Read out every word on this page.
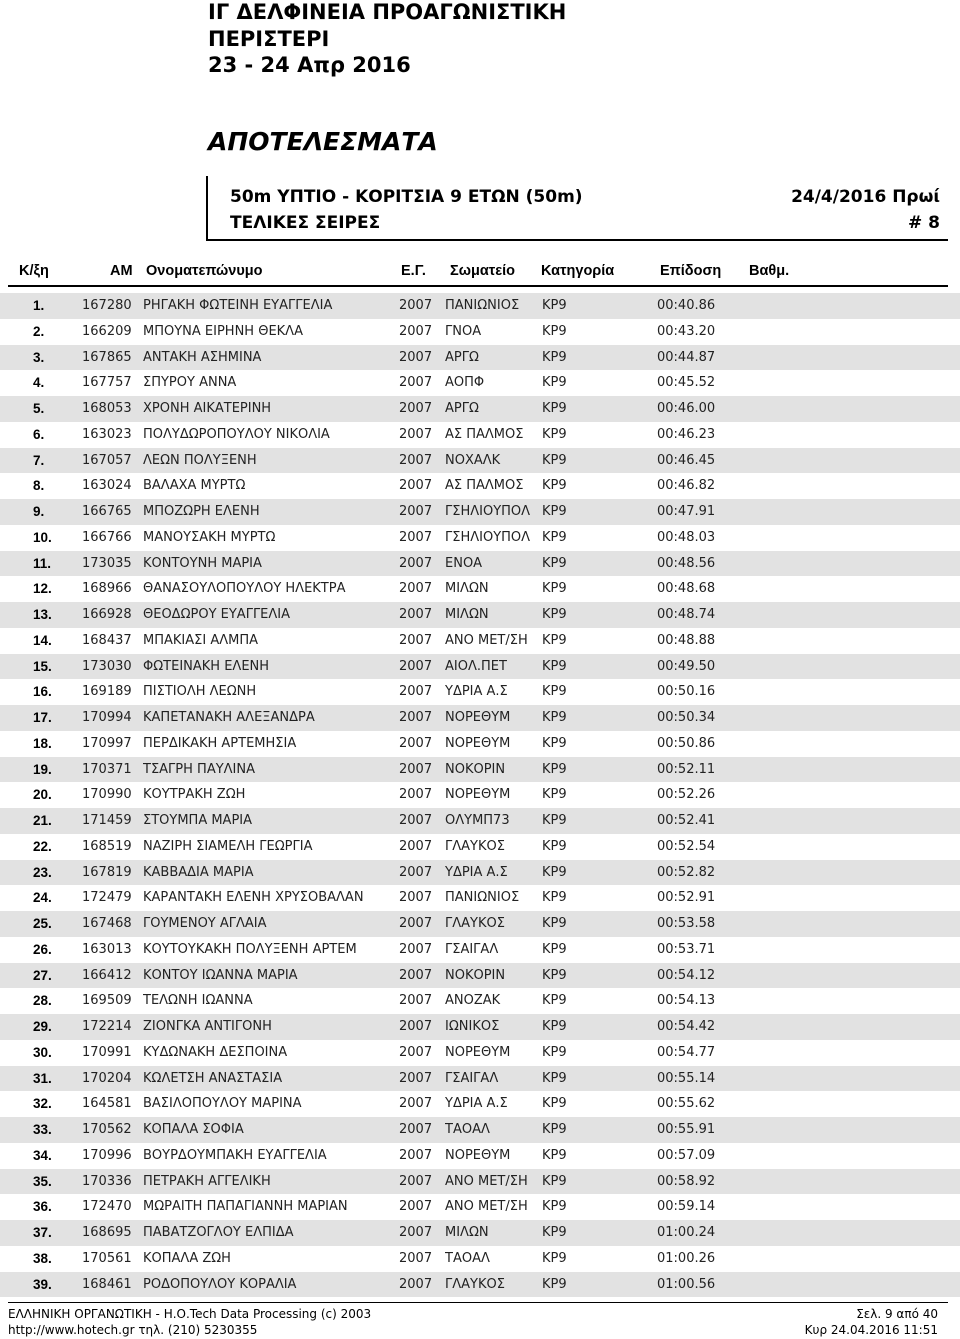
ΙΓ ΔΕΛΦΙΝΕΙΑ ΠΡΟΑΓΩΝΙΣΤΙΚΗ
ΠΕΡΙΣΤΕΡΙ
23 - 24 Απρ 2016
ΑΠΟΤΕΛΕΣΜΑΤΑ
50m ΥΠΤΙΟ - ΚΟΡΙΤΣΙΑ 9 ΕΤΩΝ (50m)	24/4/2016 Πρωί
ΤΕΛΙΚΕΣ ΣΕΙΡΕΣ	# 8
Κ/ξη	ΑΜ Ονοματεπώνυμο	Ε.Γ. Σωματείο Κατηγορία	Επίδοση Βαθμ.
1.	167280 ΡΗΓΑΚΗ ΦΩΤΕΙΝΗ ΕΥΑΓΓΕΛΙΑ	2007 ΠΑΝΙΩΝΙΟΣ	ΚΡ9	00:40.86
2.	166209 ΜΠΟΥΝΑ ΕΙΡΗΝΗ ΘΕΚΛΑ	2007 ΓΝΟΑ	ΚΡ9	00:43.20
3.	167865 ΑΝΤΑΚΗ ΑΣΗΜΙΝΑ	2007 ΑΡΓΩ	ΚΡ9	00:44.87
4.	167757 ΣΠΥΡΟΥ ΑΝΝΑ	2007 ΑΟΠΦ	ΚΡ9	00:45.52
5.	168053 ΧΡΟΝΗ ΑΙΚΑΤΕΡΙΝΗ	2007 ΑΡΓΩ	ΚΡ9	00:46.00
6.	163023 ΠΟΛΥΔΩΡΟΠΟΥΛΟΥ ΝΙΚΟΛΙΑ	2007 ΑΣ ΠΑΛΜΟΣ	ΚΡ9	00:46.23
7.	167057 ΛΕΩΝ ΠΟΛΥΞΕΝΗ	2007 ΝΟΧΑΛΚ	ΚΡ9	00:46.45
8.	163024 ΒΑΛΑΧΑ ΜΥΡΤΩ	2007 ΑΣ ΠΑΛΜΟΣ	ΚΡ9	00:46.82
9.	166765 ΜΠΟΖΩΡΗ ΕΛΕΝΗ	2007 ΓΣΗΛΙΟΥΠΟΛ ΚΡ9	00:47.91
10.	166766 ΜΑΝΟΥΣΑΚΗ ΜΥΡΤΩ	2007 ΓΣΗΛΙΟΥΠΟΛ ΚΡ9	00:48.03
11.	173035 ΚΟΝΤΟΥΝΗ ΜΑΡΙΑ	2007 ΕΝΟΑ	ΚΡ9	00:48.56
12.	168966 ΘΑΝΑΣΟΥΛΟΠΟΥΛΟΥ ΗΛΕΚΤΡΑ	2007 ΜΙΛΩΝ	ΚΡ9	00:48.68
13.	166928 ΘΕΟΔΩΡΟΥ ΕΥΑΓΓΕΛΙΑ	2007 ΜΙΛΩΝ	ΚΡ9	00:48.74
14.	168437 ΜΠΑΚΙΑΣΙ ΑΛΜΠΑ	2007 ΑΝΟ ΜΕΤ/ΣΗ	ΚΡ9	00:48.88
15.	173030 ΦΩΤΕΙΝΑΚΗ ΕΛΕΝΗ	2007 ΑΙΟΛ.ΠΕΤ	ΚΡ9	00:49.50
16.	169189 ΠΙΣΤΙΟΛΗ ΛΕΩΝΗ	2007 ΥΔΡΙΑ Α.Σ	ΚΡ9	00:50.16
17.	170994 ΚΑΠΕΤΑΝΑΚΗ ΑΛΕΞΑΝΔΡΑ	2007 ΝΟΡΕΘΥΜ	ΚΡ9	00:50.34
18.	170997 ΠΕΡΔΙΚΑΚΗ ΑΡΤΕΜΗΣΙΑ	2007 ΝΟΡΕΘΥΜ	ΚΡ9	00:50.86
19.	170371 ΤΣΑΓΡΗ ΠΑΥΛΙΝΑ	2007 ΝΟΚΟΡΙΝ	ΚΡ9	00:52.11
20.	170990 ΚΟΥΤΡΑΚΗ ΖΩΗ	2007 ΝΟΡΕΘΥΜ	ΚΡ9	00:52.26
21.	171459 ΣΤΟΥΜΠΑ ΜΑΡΙΑ	2007 ΟΛΥΜΠ73	ΚΡ9	00:52.41
22.	168519 ΝΑΖΙΡΗ ΣΙΑΜΕΛΗ ΓΕΩΡΓΙΑ	2007 ΓΛΑΥΚΟΣ	ΚΡ9	00:52.54
23.	167819 ΚΑΒΒΑΔΙΑ ΜΑΡΙΑ	2007 ΥΔΡΙΑ Α.Σ	ΚΡ9	00:52.82
24.	172479 ΚΑΡΑΝΤΑΚΗ ΕΛΕΝΗ ΧΡΥΣΟΒΑΛΑΝ	2007 ΠΑΝΙΩΝΙΟΣ	ΚΡ9	00:52.91
25.	167468 ΓΟΥΜΕΝΟΥ ΑΓΛΑΙΑ	2007 ΓΛΑΥΚΟΣ	ΚΡ9	00:53.58
26.	163013 ΚΟΥΤΟΥΚΑΚΗ ΠΟΛΥΞΕΝΗ ΑΡΤΕΜ	2007 ΓΣΑΙΓΑΛ	ΚΡ9	00:53.71
27.	166412 ΚΟΝΤΟΥ ΙΩΑΝΝΑ ΜΑΡΙΑ	2007 ΝΟΚΟΡΙΝ	ΚΡ9	00:54.12
28.	169509 ΤΕΛΩΝΗ ΙΩΑΝΝΑ	2007 ΑΝΟΖΑΚ	ΚΡ9	00:54.13
29.	172214 ΖΙΟΝΓΚΑ ΑΝΤΙΓΟΝΗ	2007 ΙΩΝΙΚΟΣ	ΚΡ9	00:54.42
30.	170991 ΚΥΔΩΝΑΚΗ ΔΕΣΠΟΙΝΑ	2007 ΝΟΡΕΘΥΜ	ΚΡ9	00:54.77
31.	170204 ΚΩΛΕΤΣΗ ΑΝΑΣΤΑΣΙΑ	2007 ΓΣΑΙΓΑΛ	ΚΡ9	00:55.14
32.	164581 ΒΑΣΙΛΟΠΟΥΛΟΥ ΜΑΡΙΝΑ	2007 ΥΔΡΙΑ Α.Σ	ΚΡ9	00:55.62
33.	170562 ΚΟΠΑΛΑ ΣΟΦΙΑ	2007 ΤΑΟΑΛ	ΚΡ9	00:55.91
34.	170996 ΒΟΥΡΔΟΥΜΠΑΚΗ ΕΥΑΓΓΕΛΙΑ	2007 ΝΟΡΕΘΥΜ	ΚΡ9	00:57.09
35.	170336 ΠΕΤΡΑΚΗ ΑΓΓΕΛΙΚΗ	2007 ΑΝΟ ΜΕΤ/ΣΗ	ΚΡ9	00:58.92
36.	172470 ΜΩΡΑΙΤΗ ΠΑΠΑΓΙΑΝΝΗ ΜΑΡΙΑΝ	2007 ΑΝΟ ΜΕΤ/ΣΗ	ΚΡ9	00:59.14
37.	168695 ΠΑΒΑΤΖΟΓΛΟΥ ΕΛΠΙΔΑ	2007 ΜΙΛΩΝ	ΚΡ9	01:00.24
38.	170561 ΚΟΠΑΛΑ ΖΩΗ	2007 ΤΑΟΑΛ	ΚΡ9	01:00.26
39.	168461 ΡΟΔΟΠΟΥΛΟΥ ΚΟΡΑΛΙΑ	2007 ΓΛΑΥΚΟΣ	ΚΡ9	01:00.56
ΕΛΛΗΝΙΚΗ ΟΡΓΑΝΩΤΙΚΗ - Η.Ο.Tech Data Processing (c) 2003
http://www.hotech.gr τηλ. (210) 5230355
Σελ. 9 από 40
Κυρ 24.04.2016 11:51
